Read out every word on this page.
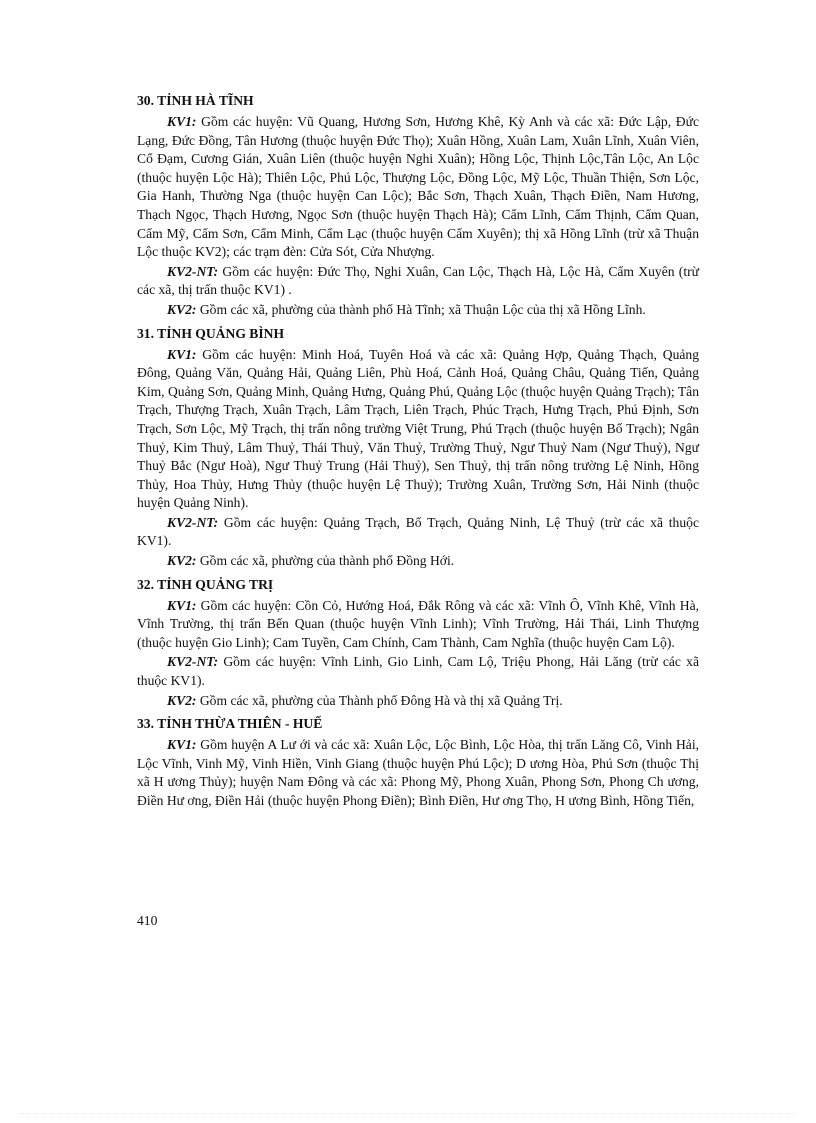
30. TỈNH HÀ TĨNH

KV1: Gồm các huyện: Vũ Quang, Hương Sơn, Hương Khê, Kỳ Anh và các xã: Đức Lập, Đức Lạng, Đức Đồng, Tân Hương (thuộc huyện Đức Thọ); Xuân Hồng, Xuân Lam, Xuân Lĩnh, Xuân Viên, Cổ Đạm, Cương Gián, Xuân Liên (thuộc huyện Nghi Xuân); Hồng Lộc, Thịnh Lộc,Tân Lộc, An Lộc (thuộc huyện Lộc Hà); Thiên Lộc, Phú Lộc, Thượng Lộc, Đồng Lộc, Mỹ Lộc, Thuần Thiện, Sơn Lộc, Gia Hanh, Thường Nga (thuộc huyện Can Lộc); Bắc Sơn, Thạch Xuân, Thạch Điền, Nam Hương, Thạch Ngọc, Thạch Hương, Ngọc Sơn (thuộc huyện Thạch Hà); Cẩm Lĩnh, Cẩm Thịnh, Cẩm Quan, Cẩm Mỹ, Cẩm Sơn, Cẩm Minh, Cẩm Lạc (thuộc huyện Cẩm Xuyên); thị xã Hồng Lĩnh (trừ xã Thuận Lộc thuộc KV2); các trạm đèn: Cửa Sót, Cửa Nhượng.

KV2-NT: Gồm các huyện: Đức Thọ, Nghi Xuân, Can Lộc, Thạch Hà, Lộc Hà, Cẩm Xuyên (trừ các xã, thị trấn thuộc KV1) .

KV2: Gồm các xã, phường của thành phố Hà Tĩnh; xã Thuận Lộc của thị xã Hồng Lĩnh.

31. TỈNH QUẢNG BÌNH

KV1: Gồm các huyện: Minh Hoá, Tuyên Hoá và các xã: Quảng Hợp, Quảng Thạch, Quảng Đông, Quảng Văn, Quảng Hải, Quảng Liên, Phù Hoá, Cảnh Hoá, Quảng Châu, Quảng Tiến, Quảng Kim, Quảng Sơn, Quảng Minh, Quảng Hưng, Quảng Phú, Quảng Lộc (thuộc huyện Quảng Trạch); Tân Trạch, Thượng Trạch, Xuân Trạch, Lâm Trạch, Liên Trạch, Phúc Trạch, Hưng Trạch, Phú Định, Sơn Trạch, Sơn Lộc, Mỹ Trạch, thị trấn nông trường Việt Trung, Phú Trạch (thuộc huyện Bố Trạch); Ngân Thuỷ, Kim Thuỷ, Lâm Thuỷ, Thái Thuỷ, Văn Thuỷ, Trường Thuỷ, Ngư Thuỷ Nam (Ngư Thuỷ), Ngư Thuỷ Bắc (Ngư Hoà), Ngư Thuỷ Trung (Hải Thuỷ), Sen Thuỷ, thị trấn nông trường Lệ Ninh, Hồng Thủy, Hoa Thủy, Hưng Thủy (thuộc huyện Lệ Thuỷ); Trường Xuân, Trường Sơn, Hải Ninh (thuộc huyện Quảng Ninh).

KV2-NT: Gồm các huyện: Quảng Trạch, Bố Trạch, Quảng Ninh, Lệ Thuỷ (trừ các xã thuộc KV1).

KV2: Gồm các xã, phường của thành phố Đồng Hới.

32. TỈNH QUẢNG TRỊ

KV1: Gồm các huyện: Cồn Cỏ, Hướng Hoá, Đắk Rông và các xã: Vĩnh Ô, Vĩnh Khê, Vĩnh Hà, Vĩnh Trường, thị trấn Bến Quan (thuộc huyện Vĩnh Linh); Vĩnh Trường, Hải Thái, Linh Thượng (thuộc huyện Gio Linh); Cam Tuyền, Cam Chính, Cam Thành, Cam Nghĩa (thuộc huyện Cam Lộ).

KV2-NT: Gồm các huyện: Vĩnh Linh, Gio Linh, Cam Lộ, Triệu Phong, Hải Lăng (trừ các xã thuộc KV1).

KV2: Gồm các xã, phường của Thành phố Đông Hà và thị xã Quảng Trị.

33. TỈNH THỪA THIÊN - HUẾ

KV1: Gồm huyện A Lư ới và các xã: Xuân Lộc, Lộc Bình, Lộc Hòa, thị trấn Lăng Cô, Vinh Hải, Lộc Vĩnh, Vinh Mỹ, Vinh Hiền, Vinh Giang (thuộc huyện Phú Lộc); D ương Hòa, Phú Sơn (thuộc Thị xã H ương Thủy); huyện Nam Đông và các xã: Phong Mỹ, Phong Xuân, Phong Sơn, Phong Ch ương, Điền Hư ơng, Điền Hải (thuộc huyện Phong Điền); Bình Điền, Hư ơng Thọ, H ương Bình, Hồng Tiến,

410
